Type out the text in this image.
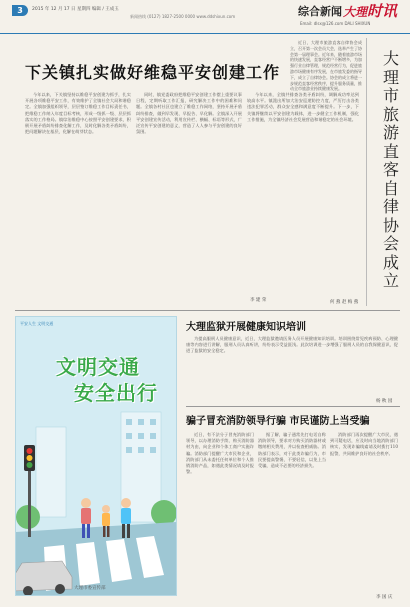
3	2015 年 12 月 17 日 星期四 编辑 / 王成玉
新闻热线 (0127) 1827-2500 0000 www.ddshixun.com	综合新闻 大理时讯
Email: dlsx@126.com DALI SHIXUN
下关镇扎实做好维稳平安创建工作
今年以来，下关镇坚持以维稳平安创建为抓手，扎实开展各项维稳平安工作，有效维护了全镇社会大局和谐稳定。全镇加强组织领导，层层签订维稳工作目标责任书，把维稳工作纳入年度目标考核，形成一级抓一级、层层抓落实的工作格局。镇综治维稳中心按照平安创建要求，积极开展矛盾纠纷排查化解工作，及时化解各类矛盾纠纷，把问题解决在基层，化解在萌芽状态。
同时，镇党委政府把维稳平安创建工作摆上重要议事日程，定期听取工作汇报，研究解决工作中的困难和问题。全镇各村社区也建立了维稳工作网络，坚持开展矛盾纠纷排查，做到早发现、早报告、早化解。全镇深入开展平安创建宣传活动，利用宣传栏、横幅、标语等形式，广泛宣传平安创建的意义，营造了人人参与平安创建的良好氛围。
今年以来，全镇共排查各类矛盾纠纷，调解成功率达到较高水平。镇派出所加大治安巡逻防控力度，严厉打击各类违法犯罪活动，群众安全感和满意度不断提升。下一步，下关镇将继续以平安创建为载体，进一步健全工作机制，强化工作措施，为全镇经济社会发展营造和谐稳定的社会环境。
李 建 荣
大理市旅游直客自律协会成立
近日，大理市旅游直客自律协会成立，召开第一次会员大会，选举产生了协会第一届理事会。近年来，随着旅游市场的快速发展，直客经营户不断增多，为加强行业自律管理，规范经营行为，促进旅游市场健康有序发展，在市旅发委的指导下，成立了自律协会。协会的成立将进一步规范直客经营秩序，提升服务质量，推动全市旅游业持续健康发展。
何 燕 赵 梅 燕
大理监狱开展健康知识培训
为提高服刑人员健康意识，近日，大理监狱邀请医务人员开展健康知识培训。培训围绕常见疾病预防、心理健康等内容进行讲解，服刑人员认真听讲，纷纷表示受益匪浅。此次培训进一步增强了服刑人员的自我保健意识，促进了监狱的安全稳定。
杨 秋 园
骗子冒充消防领导行骗 市民谨防上当受骗
近日，有不法分子冒充消防部门领导，以办理消防手续、购买消防器材为由，向企业和个体工商户实施诈骗。消防部门提醒广大市民和企业，消防部门从未委托任何单位和个人推销消防产品，如遇此类情况请及时报警。
据了解，骗子通常先打电话自称消防领导，要求对方购买消防器材或缴纳相关费用，并以检查相威胁。消防部门表示，对于此类诈骗行为，市民要提高警惕，不要轻信，以免上当受骗，造成不必要的经济损失。
消防部门再次提醒广大市民，遇到可疑电话，应及时向当地消防部门核实，发现诈骗线索请及时拨打110报警，共同维护良好的社会秩序。
李 国 庆
平安人生 文明交通
文明交通
安全出行
大理市委宣传部
